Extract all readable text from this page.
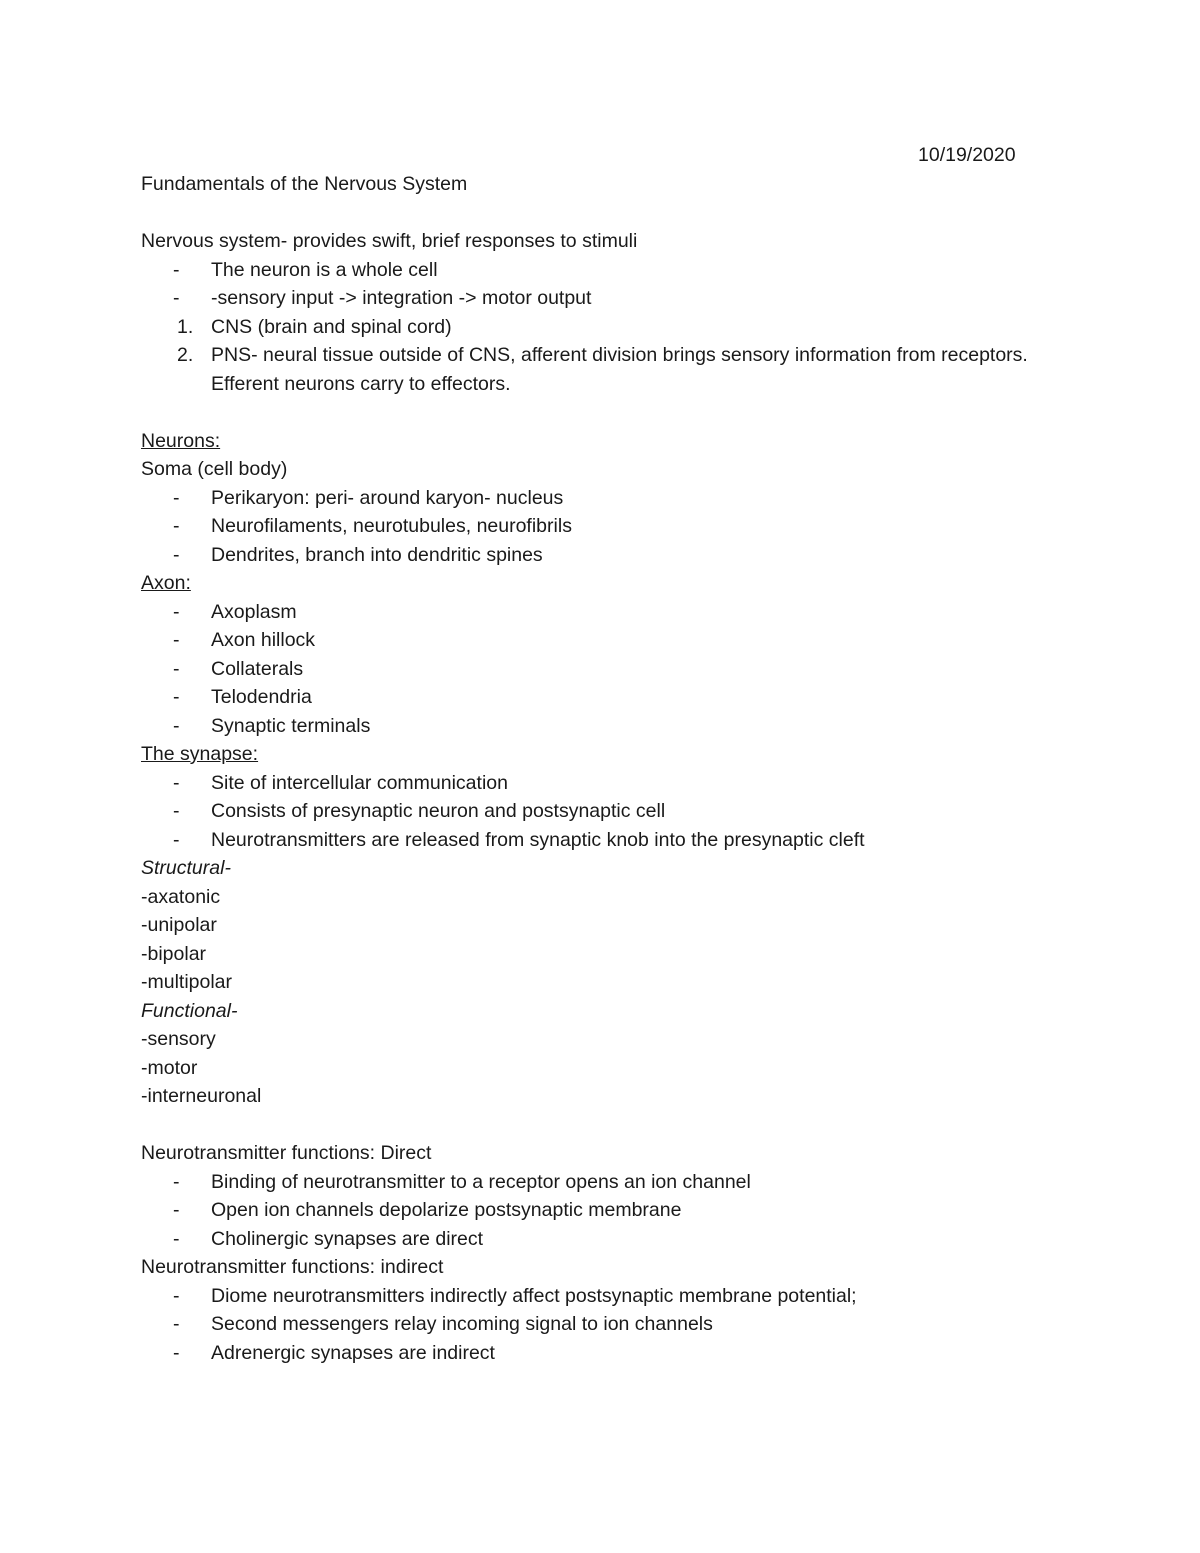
10/19/2020
Fundamentals of the Nervous System
Nervous system- provides swift, brief responses to stimuli
-	The neuron is a whole cell
-	-sensory input -> integration -> motor output
1. CNS (brain and spinal cord)
2. PNS- neural tissue outside of CNS, afferent division brings sensory information from receptors. Efferent neurons carry to effectors.
Neurons:
Soma (cell body)
-	Perikaryon: peri- around karyon- nucleus
-	Neurofilaments, neurotubules, neurofibrils
-	Dendrites, branch into dendritic spines
Axon:
-	Axoplasm
-	Axon hillock
-	Collaterals
-	Telodendria
-	Synaptic terminals
The synapse:
-	Site of intercellular communication
-	Consists of presynaptic neuron and postsynaptic cell
-	Neurotransmitters are released from synaptic knob into the presynaptic cleft
Structural-
-axatonic
-unipolar
-bipolar
-multipolar
Functional-
-sensory
-motor
-interneuronal
Neurotransmitter functions: Direct
-	Binding of neurotransmitter to a receptor opens an ion channel
-	Open ion channels depolarize postsynaptic membrane
-	Cholinergic synapses are direct
Neurotransmitter functions: indirect
-	Diome neurotransmitters indirectly affect postsynaptic membrane potential;
-	Second messengers relay incoming signal to ion channels
-	Adrenergic synapses are indirect
